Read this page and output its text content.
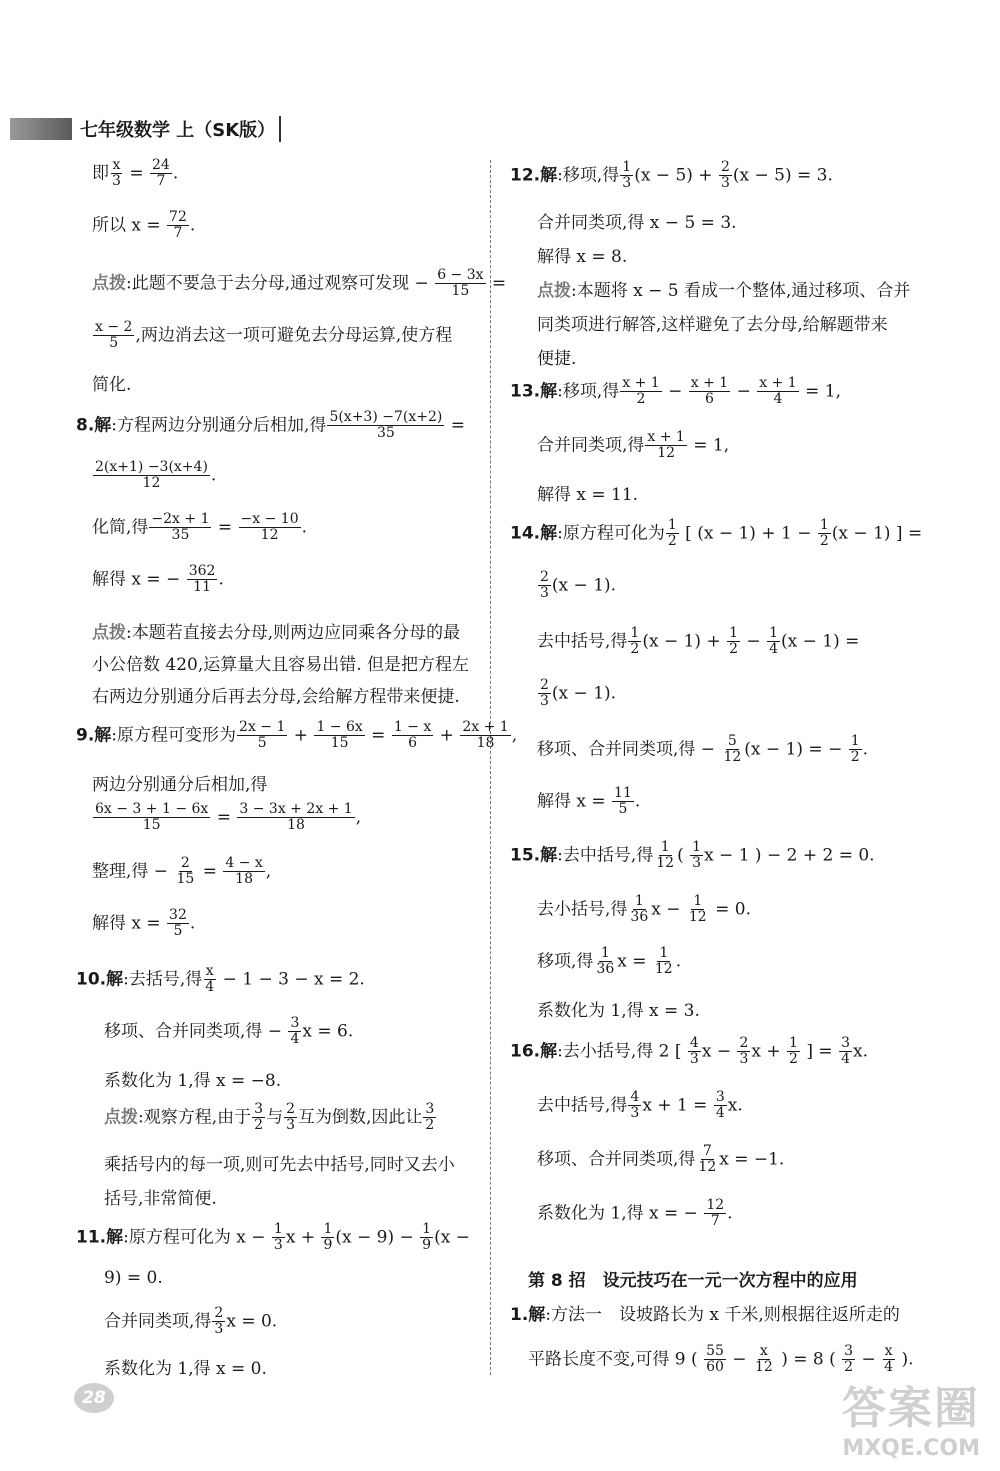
七年级数学 上（SK版）
即 $\frac{x}{3} = \frac{24}{7}$ .
所以 $x = \frac{72}{7}$ .
点拨:此题不要急于去分母,通过观察可发现 − $\frac{6 - 3x}{15}$ =
$\frac{x - 2}{5}$ ,两边消去这一项可避免去分母运算,使方程
简化.
8.解:方程两边分别通分后相加,得 $\frac{5(x+3) -7(x+2)}{35}$ =
$\frac{2(x+1) -3(x+4)}{12}$ .
化简,得 $\frac{-2x + 1}{35} = \frac{-x - 10}{12}$ .
解得 x = − $\frac{362}{11}$ .
点拨:本题若直接去分母,则两边应同乘各分母的最
小公倍数 420,运算量大且容易出错. 但是把方程左
右两边分别通分后再去分母,会给解方程带来便捷.
9.解:原方程可变形为 $\frac{2x - 1}{5} + \frac{1 - 6x}{15} = \frac{1 - x}{6} + \frac{2x + 1}{18}$ ,
两边分别通分后相加,得
$\frac{6x - 3 + 1 - 6x}{15} = \frac{3 - 3x + 2x + 1}{18}$ ,
整理,得 − $\frac{2}{15} = \frac{4 - x}{18}$ ,
解得 $x = \frac{32}{5}$ .
10.解:去括号,得 $\frac{x}{4} - 1 - 3 - x = 2$.
移项、合并同类项,得 − $\frac{3}{4}$ x = 6.
系数化为 1,得 x = −8.
点拨:观察方程,由于 $\frac{3}{2}$ 与 $\frac{2}{3}$ 互为倒数,因此让 $\frac{3}{2}$
乘括号内的每一项,则可先去中括号,同时又去小
括号,非常简便.
11.解:原方程可化为 $x - \frac{1}{3}$ $x + \frac{1}{9} (x - 9) - \frac{1}{9} (x$ −
9) = 0.
合并同类项,得 $\frac{2}{3}$ x = 0.
系数化为 1,得 x = 0.
12.解:移项,得 $\frac{1}{3} (x - 5) + \frac{2}{3} (x - 5) = 3$.
合并同类项,得 x − 5 = 3.
解得 x = 8.
点拨:本题将 x − 5 看成一个整体,通过移项、合并
同类项进行解答,这样避免了去分母,给解题带来
便捷.
13.解:移项,得 $\frac{x + 1}{2} - \frac{x + 1}{6} - \frac{x + 1}{4} = 1$,
合并同类项,得 $\frac{x + 1}{12} = 1$,
解得 x = 11.
14.解:原方程可化为 $\frac{1}{2}$ [ $(x - 1) + 1 - \frac{1}{2} (x - 1)$ ] =
$\frac{2}{3} (x - 1)$.
去中括号,得 $\frac{1}{2} (x - 1) + \frac{1}{2} - \frac{1}{4} (x - 1)$ =
$\frac{2}{3} (x - 1)$.
移项、合并同类项,得 − $\frac{5}{12} (x - 1)$ = − $\frac{1}{2}$ .
解得 $x = \frac{11}{5}$ .
15.解:去中括号,得 $\frac{1}{12}$ ( $\frac{1}{3}$ x − 1 ) − 2 + 2 = 0.
去小括号,得 $\frac{1}{36}$ $x - \frac{1}{12} = 0$.
移项,得 $\frac{1}{36}$ $x = \frac{1}{12}$ .
系数化为 1,得 x = 3.
16.解:去小括号,得 2 [ $\frac{4}{3}$ $x - \frac{2}{3}$ $x + \frac{1}{2}$ ] = $\frac{3}{4} x$.
去中括号,得 $\frac{4}{3}$ $x + 1 = \frac{3}{4} x$.
移项、合并同类项,得 $\frac{7}{12}$ x = −1.
系数化为 1,得 x = − $\frac{12}{7}$ .
第 8 招　设元技巧在一元一次方程中的应用
1.解:方法一　设坡路长为 x 千米,则根据往返所走的
平路长度不变,可得 9 ( $\frac{55}{60} - \frac{x}{12}$ ) = 8 ( $\frac{3}{2} - \frac{x}{4}$ ).
28	答案圈
MXQE.COM
